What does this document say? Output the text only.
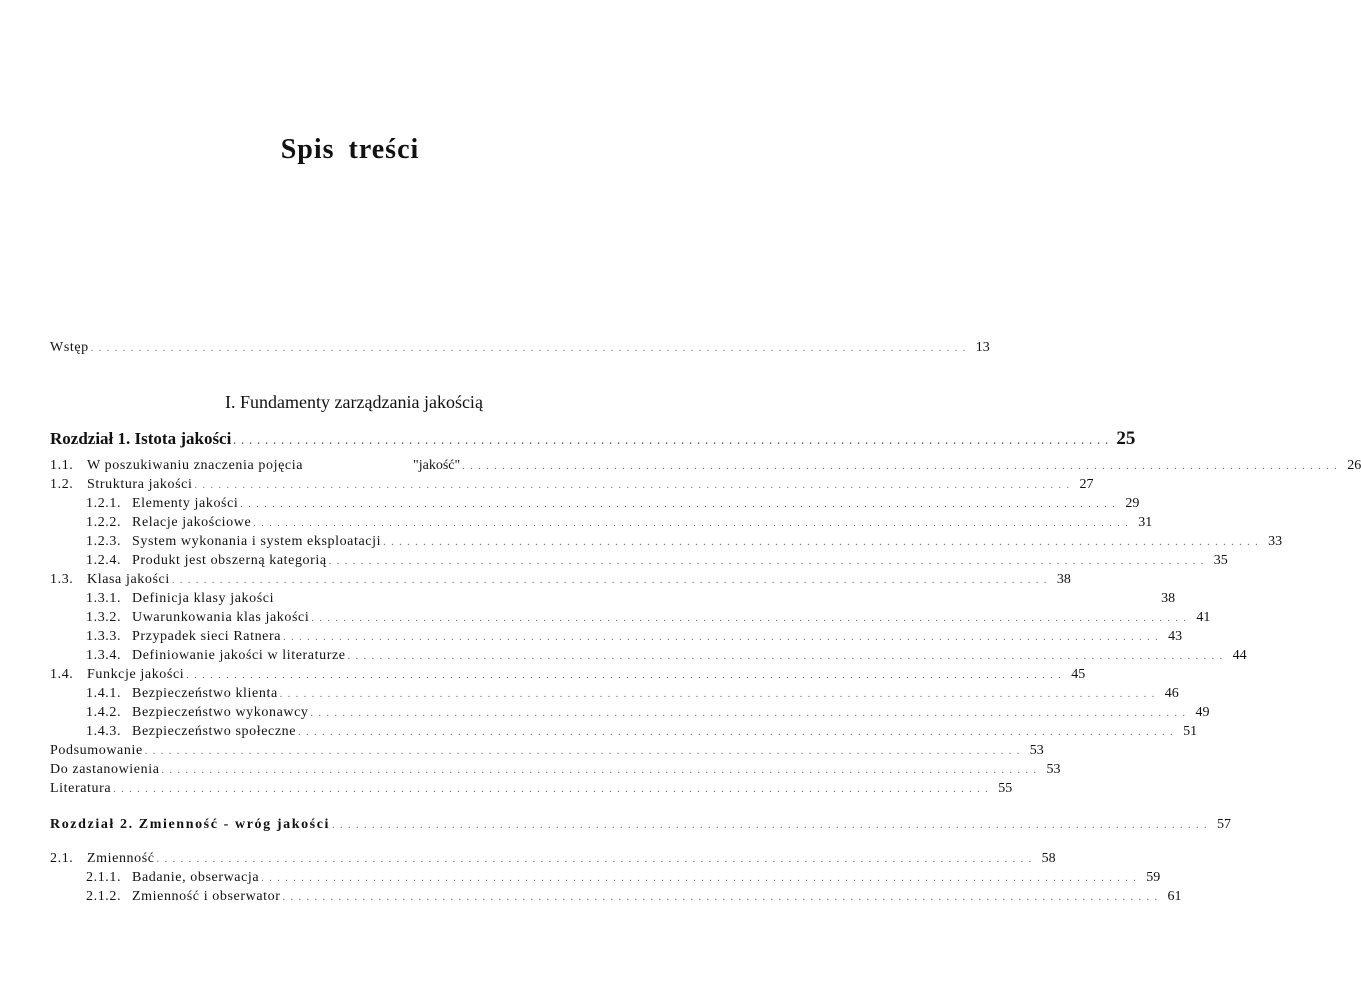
Spis treści
Wstęp .............................................................................................................. 13
I. Fundamenty zarządzania jakością
Rozdział 1. Istota jakości .............................................................................................................. 25
1.1. W poszukiwaniu znaczenia pojęcia	"jakość" .............................................................................................................. 26
1.2. Struktura jakości .............................................................................................................. 27
1.2.1. Elementy jakości .............................................................................................................. 29
1.2.2. Relacje jakościowe .............................................................................................................. 31
1.2.3. System wykonania i system eksploatacji .............................................................................................................. 33
1.2.4. Produkt jest obszerną kategorią .............................................................................................................. 35
1.3. Klasa jakości .............................................................................................................. 38
1.3.1. Definicja klasy jakości	38
1.3.2. Uwarunkowania klas jakości .............................................................................................................. 41
1.3.3. Przypadek sieci Ratnera .............................................................................................................. 43
1.3.4. Definiowanie jakości w literaturze .............................................................................................................. 44
1.4. Funkcje jakości .............................................................................................................. 45
1.4.1. Bezpieczeństwo klienta .............................................................................................................. 46
1.4.2. Bezpieczeństwo wykonawcy .............................................................................................................. 49
1.4.3. Bezpieczeństwo społeczne .............................................................................................................. 51
Podsumowanie .............................................................................................................. 53
Do zastanowienia .............................................................................................................. 53
Literatura .............................................................................................................. 55
Rozdział 2. Zmienność - wróg jakości .............................................................................................................. 57
2.1. Zmienność .............................................................................................................. 58
2.1.1. Badanie, obserwacja .............................................................................................................. 59
2.1.2. Zmienność i obserwator .............................................................................................................. 61
